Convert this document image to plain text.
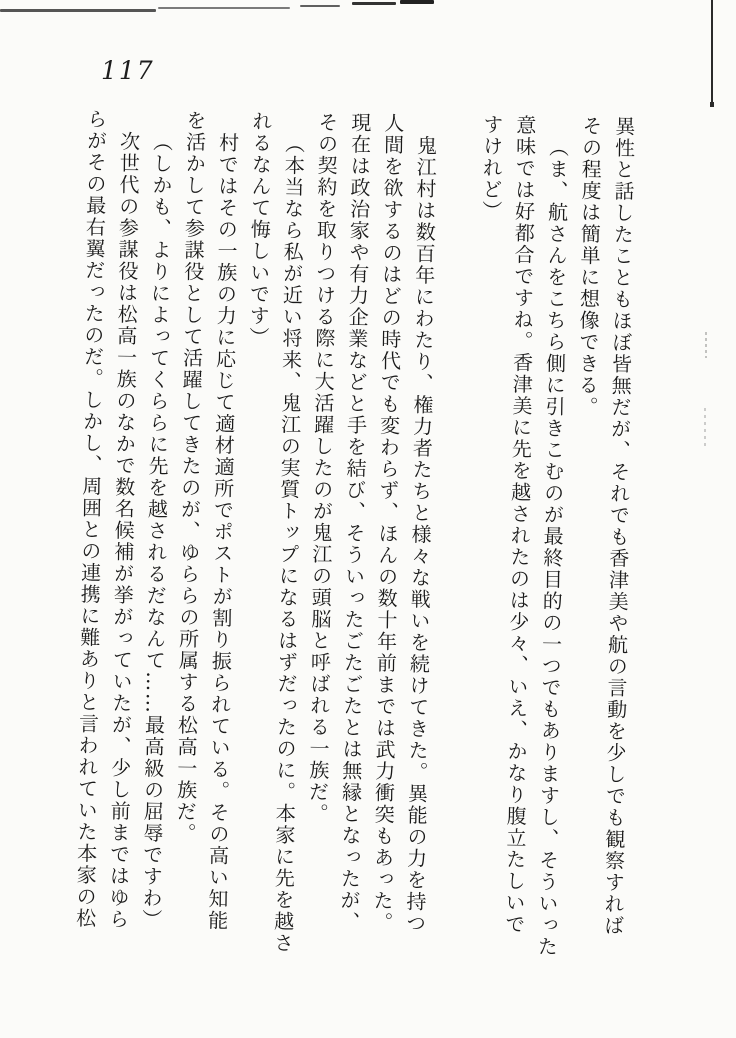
117
異性と話したこともほぼ皆無だが、それでも香津美や航の言動を少しでも観察すれば
その程度は簡単に想像できる。
（ま、航さんをこちら側に引きこむのが最終目的の一つでもありますし、そういった
意味では好都合ですね。香津美に先を越されたのは少々、いえ、かなり腹立たしいで
すけれど）
鬼江村は数百年にわたり、権力者たちと様々な戦いを続けてきた。異能の力を持つ
人間を欲するのはどの時代でも変わらず、ほんの数十年前までは武力衝突もあった。
現在は政治家や有力企業などと手を結び、そういったごたごたとは無縁となったが、
その契約を取りつける際に大活躍したのが鬼江の頭脳と呼ばれる一族だ。
（本当なら私が近い将来、鬼江の実質トップになるはずだったのに。本家に先を越さ
れるなんて悔しいです）
村ではその一族の力に応じて適材適所でポストが割り振られている。その高い知能
を活かして参謀役として活躍してきたのが、ゆららの所属する松高一族だ。
（しかも、よりによってくららに先を越されるだなんて……最高級の屈辱ですわ）
次世代の参謀役は松高一族のなかで数名候補が挙がっていたが、少し前まではゆら
らがその最右翼だったのだ。しかし、周囲との連携に難ありと言われていた本家の松
